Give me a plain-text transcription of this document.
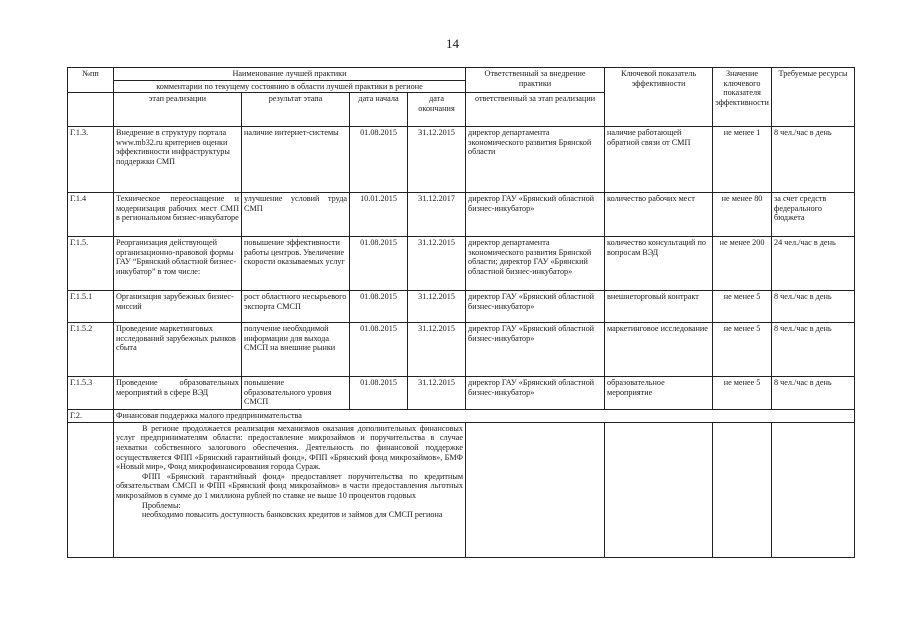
14
№пп	Наименование лучшей практики				Ответственный за внедрение практики	Ключевой показатель эффективности	Значение ключевого показателя эффективности	Требуемые ресурсы
	комментарии по текущему состоянию в области лучшей практики в регионе							
	этап реализации	результат этапа	дата начала	дата окончания	ответственный за этап реализации			
Г.1.3.	Внедрение в структуру портала www.mb32.ru критериев оценки эффективности инфраструктуры поддержки СМП	наличие интернет-системы	01.08.2015	31.12.2015	директор департамента экономического развития Брянской области	наличие работающей обратной связи от СМП	не менее 1	8 чел./час в день
Г.1.4	Техническое переоснащение и модернизация рабочих мест СМП в региональном бизнес-инкубаторе	улучшение условий труда СМП	10.01.2015	31.12.2017	директор ГАУ «Брянский областной бизнес-инкубатор»	количество рабочих мест	не менее 80	за счет средств федерального бюджета
Г.1.5.	Реорганизация действующей организационно-правовой формы ГАУ “Брянский областной бизнес-инкубатор” в том числе:	повышение эффективности работы центров. Увеличение скорости оказываемых услуг	01.08.2015	31.12.2015	директор департамента экономического развития Брянской области; директор ГАУ «Брянский областной бизнес-инкубатор»	количество консультаций по вопросам ВЭД	не менее 200	24 чел./час в день
Г.1.5.1	Организация зарубежных бизнес-миссий	рост областного несырьевого экспорта СМСП	01.08.2015	31.12.2015	директор ГАУ «Брянский областной бизнес-инкубатор»	внешнеторговый контракт	не менее 5	8 чел./час в день
Г.1.5.2	Проведение маркетинговых исследований зарубежных рынков сбыта	получение необходимой информации для выхода СМСП на внешние рынки	01.08.2015	31.12.2015	директор ГАУ «Брянский областной бизнес-инкубатор»	маркетинговое исследование	не менее 5	8 чел./час в день
Г.1.5.3	Проведение образовательных мероприятий в сфере ВЭД	повышение образовательного уровня СМСП	01.08.2015	31.12.2015	директор ГАУ «Брянский областной бизнес-инкубатор»	образовательное мероприятие	не менее 5	8 чел./час в день
Г.2.	Финансовая поддержка малого предпринимательства							

	В регионе продолжается реализация механизмов оказания дополнительных финансовых услуг предпринимателям области: предоставление микрозаймов и поручительства в случае нехватки собственного залогового обеспечения. Деятельность по финансовой поддержке осуществляется ФПП «Брянский гарантийный фонд», ФПП «Брянский фонд микрозаймов», БМФ «Новый мир», Фонд микрофинансирования города Сураж.

ФПП «Брянский гарантийный фонд» предоставляет поручительства по кредитным обязательствам СМСП и ФПП «Брянский фонд микрозаймов» в части предоставления льготных микрозаймов в сумме до 1 миллиона рублей по ставке не выше 10 процентов годовых

Проблемы:

необходимо повысить доступность банковских кредитов и займов для СМСП региона							
